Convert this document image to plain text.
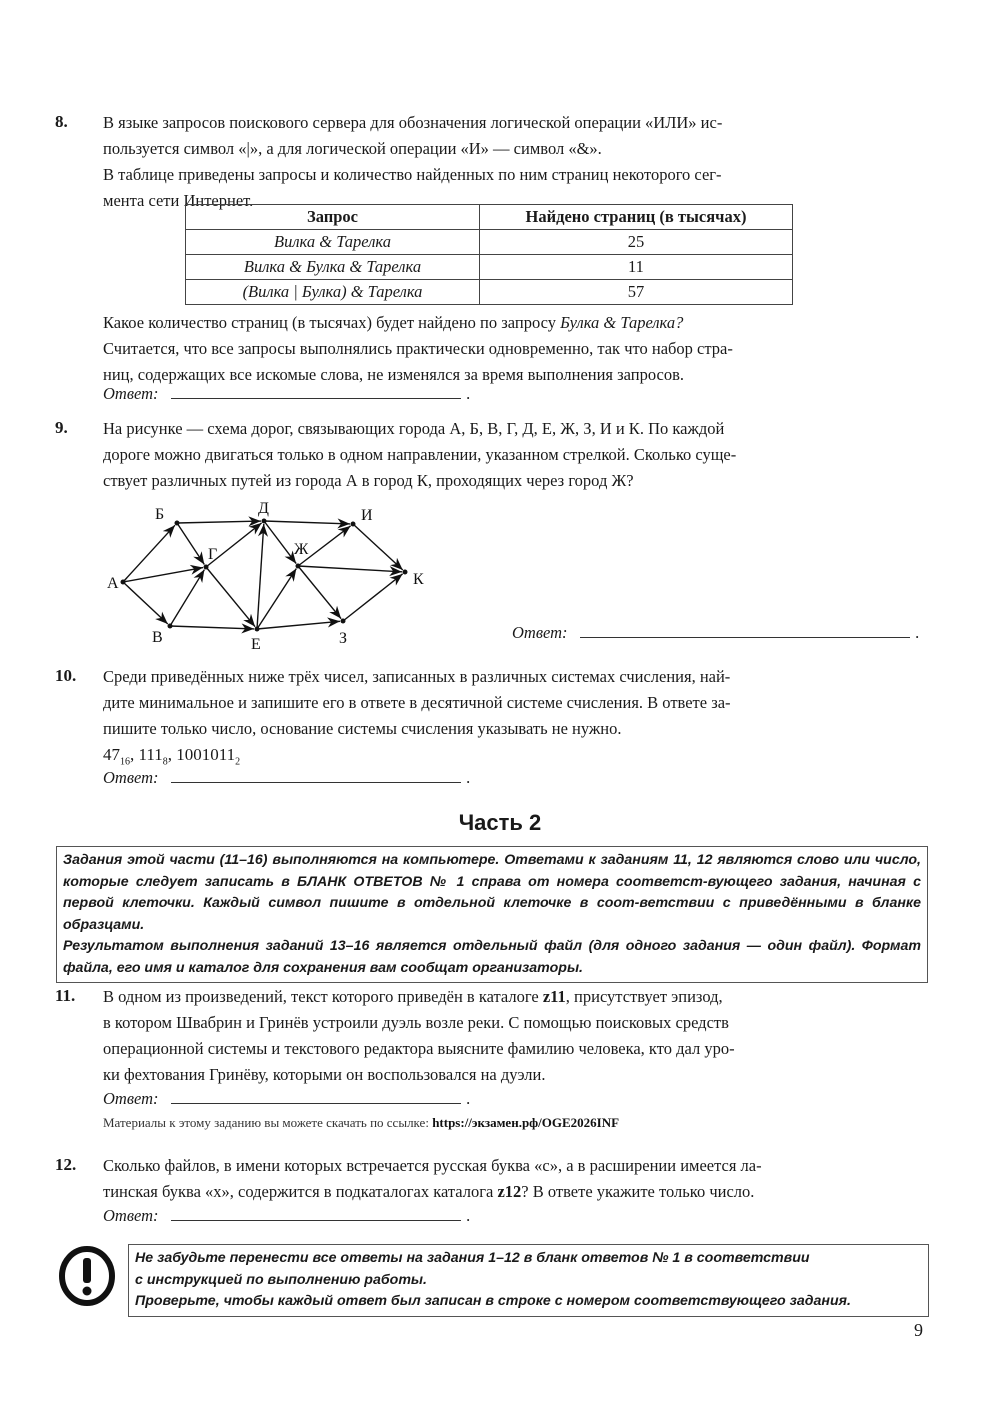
8. В языке запросов поискового сервера для обозначения логической операции «ИЛИ» ис-
пользуется символ «|», а для логической операции «И» — символ «&».
В таблице приведены запросы и количество найденных по ним страниц некоторого сег-
мента сети Интернет.
Запрос	Найдено страниц (в тысячах)
Вилка & Тарелка	25
Вилка & Булка & Тарелка	11
(Вилка | Булка) & Тарелка	57
Какое количество страниц (в тысячах) будет найдено по запросу Булка & Тарелка?
Считается, что все запросы выполнялись практически одновременно, так что набор стра-
ниц, содержащих все искомые слова, не изменялся за время выполнения запросов.
Ответ:	.
9. На рисунке — схема дорог, связывающих города А, Б, В, Г, Д, Е, Ж, З, И и К. По каждой
дороге можно двигаться только в одном направлении, указанном стрелкой. Сколько суще-
ствует различных путей из города А в город К, проходящих через город Ж?
А
Б
В
Г
Д
Е
Ж
З
И
К
Ответ:	.
10. Среди приведённых ниже трёх чисел, записанных в различных системах счисления, най-
дите минимальное и запишите его в ответе в десятичной системе счисления. В ответе за-
пишите только число, основание системы счисления указывать не нужно.
$47_{16}$, $111_8$, $1001011_2$
Ответ:	.
Часть 2
Задания этой части (11–16) выполняются на компьютере. Ответами к заданиям 11, 12 являются слово или число, которые следует записать в БЛАНК ОТВЕТОВ № 1 справа от номера соответст-вующего задания, начиная с первой клеточки. Каждый символ пишите в отдельной клеточке в соот-ветствии с приведёнными в бланке образцами.
Результатом выполнения заданий 13–16 является отдельный файл (для одного задания — один файл). Формат файла, его имя и каталог для сохранения вам сообщат организаторы.
11. В одном из произведений, текст которого приведён в каталоге z11, присутствует эпизод,
в котором Швабрин и Гринёв устроили дуэль возле реки. С помощью поисковых средств
операционной системы и текстового редактора выясните фамилию человека, кто дал уро-
ки фехтования Гринёву, которыми он воспользовался на дуэли.
Ответ:	.
Материалы к этому заданию вы можете скачать по ссылке: https://экзамен.рф/OGE2026INF
12. Сколько файлов, в имени которых встречается русская буква «с», а в расширении имеется ла-
тинская буква «x», содержится в подкаталогах каталога z12? В ответе укажите только число.
Ответ:	.
Не забудьте перенести все ответы на задания 1–12 в бланк ответов № 1 в соответствии
с инструкцией по выполнению работы.
Проверьте, чтобы каждый ответ был записан в строке с номером соответствующего задания.
9
